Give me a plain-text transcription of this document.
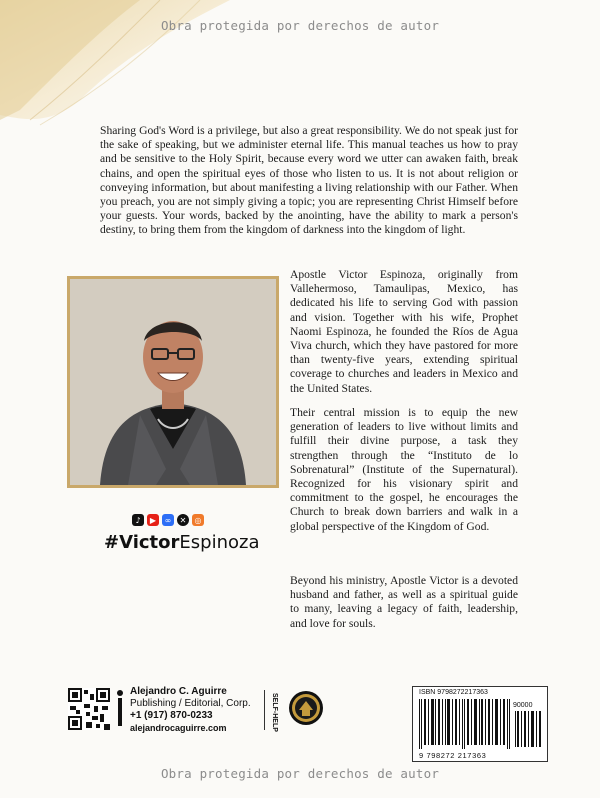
Obra protegida por derechos de autor
Sharing God's Word is a privilege, but also a great responsibility. We do not speak just for the sake of speaking, but we administer eternal life. This manual teaches us how to pray and be sensitive to the Holy Spirit, because every word we utter can awaken faith, break chains, and open the spiritual eyes of those who listen to us. It is not about religion or conveying information, but about manifesting a living relationship with our Father. When you preach, you are not simply giving a topic; you are representing Christ Himself before your guests. Your words, backed by the anointing, have the ability to mark a person's destiny, to bring them from the kingdom of darkness into the kingdom of light.

Apostle Victor Espinoza, originally from Vallehermoso, Tamaulipas, Mexico, has dedicated his life to serving God with passion and vision. Together with his wife, Prophet Naomi Espinoza, he founded the Ríos de Agua Viva church, which they have pastored for more than twenty-five years, extending spiritual coverage to churches and leaders in Mexico and the United States.

Their central mission is to equip the new generation of leaders to live without limits and fulfill their divine purpose, a task they strengthen through the “Instituto de lo Sobrenatural” (Institute of the Supernatural). Recognized for his visionary spirit and commitment to the gospel, he encourages the Church to break down barriers and walk in a global perspective of the Kingdom of God.

Beyond his ministry, Apostle Victor is a devoted husband and father, as well as a spiritual guide to many, leaving a legacy of faith, leadership, and love for souls.

♪	▶	∞	✕	◎
#VictorEspinoza
Alejandro C. Aguirre
Publishing / Editorial, Corp.
+1 (917) 870-0233
alejandrocaguirre.com	SELF-HELP
ISBN 9798272217363
90000
9 798272 217363
Obra protegida por derechos de autor
